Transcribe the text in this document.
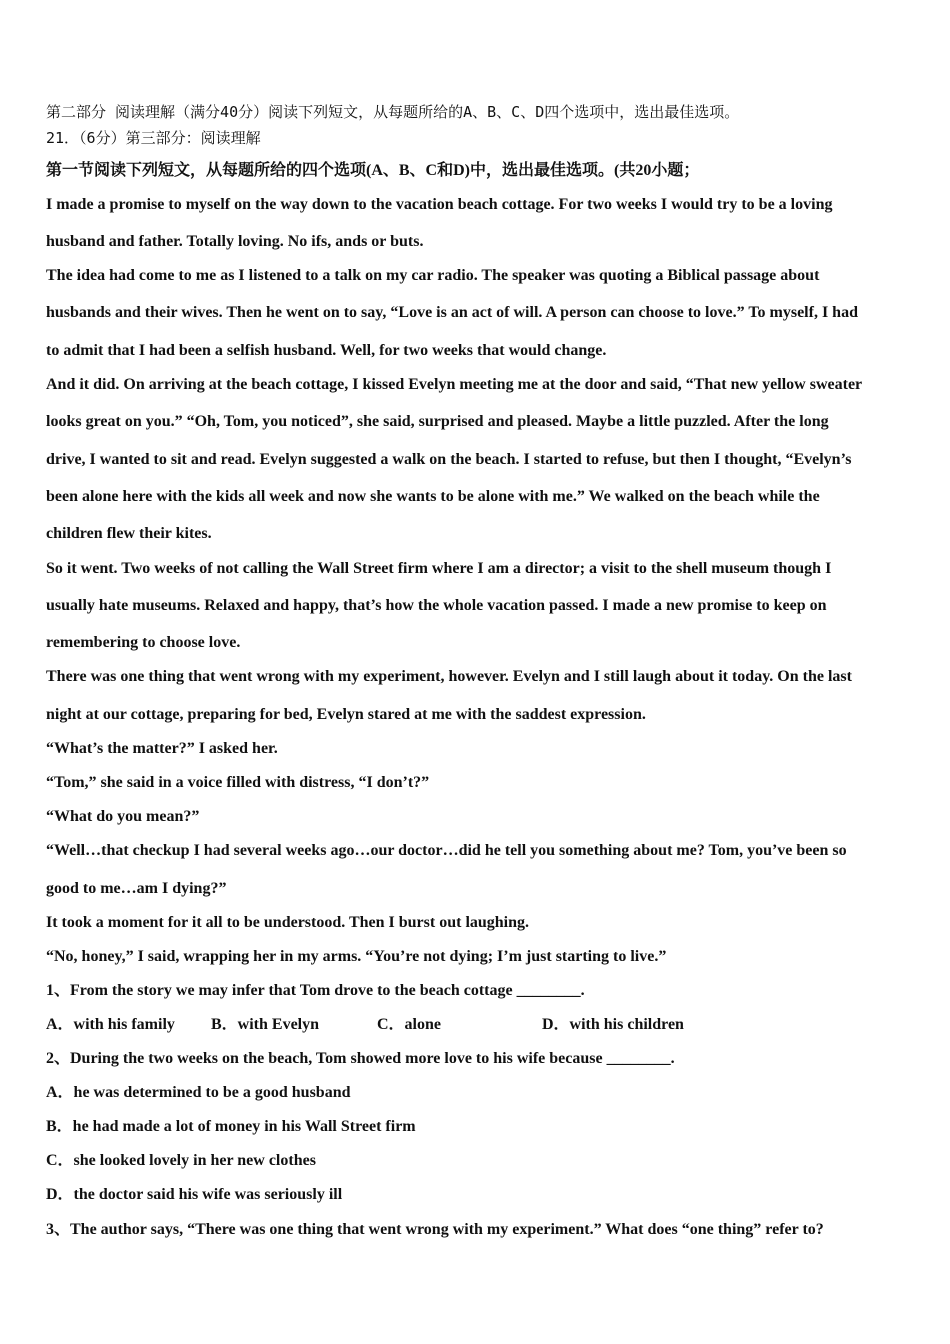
第二部分 阅读理解（满分40分）阅读下列短文，从每题所给的A、B、C、D四个选项中，选出最佳选项。
21．（6分）第三部分：阅读理解
第一节阅读下列短文，从每题所给的四个选项(A、B、C和D)中，选出最佳选项。(共20小题；
I made a promise to myself on the way down to the vacation beach cottage. For two weeks I would try to be a loving
husband and father. Totally loving. No ifs, ands or buts.
The idea had come to me as I listened to a talk on my car radio. The speaker was quoting a Biblical passage about
husbands and their wives. Then he went on to say, “Love is an act of will. A person can choose to love.” To myself, I had
to admit that I had been a selfish husband. Well, for two weeks that would change.
And it did. On arriving at the beach cottage, I kissed Evelyn meeting me at the door and said, “That new yellow sweater
looks great on you.” “Oh, Tom, you noticed”, she said, surprised and pleased. Maybe a little puzzled. After the long
drive, I wanted to sit and read. Evelyn suggested a walk on the beach. I started to refuse, but then I thought, “Evelyn’s
been alone here with the kids all week and now she wants to be alone with me.” We walked on the beach while the
children flew their kites.
So it went. Two weeks of not calling the Wall Street firm where I am a director; a visit to the shell museum though I
usually hate museums. Relaxed and happy, that’s how the whole vacation passed. I made a new promise to keep on
remembering to choose love.
There was one thing that went wrong with my experiment, however. Evelyn and I still laugh about it today. On the last
night at our cottage, preparing for bed, Evelyn stared at me with the saddest expression.
“What’s the matter?” I asked her.
“Tom,” she said in a voice filled with distress, “I don’t?”
“What do you mean?”
“Well…that checkup I had several weeks ago…our doctor…did he tell you something about me? Tom, you’ve been so
good to me…am I dying?”
It took a moment for it all to be understood. Then I burst out laughing.
“No, honey,” I said, wrapping her in my arms. “You’re not dying; I’m just starting to live.”
1、From the story we may infer that Tom drove to the beach cottage ________.
A．with his family B．with Evelyn	C．alone	D．with his children
2、During the two weeks on the beach, Tom showed more love to his wife because ________.
A．he was determined to be a good husband
B．he had made a lot of money in his Wall Street firm
C．she looked lovely in her new clothes
D．the doctor said his wife was seriously ill
3、The author says, “There was one thing that went wrong with my experiment.” What does “one thing” refer to?
